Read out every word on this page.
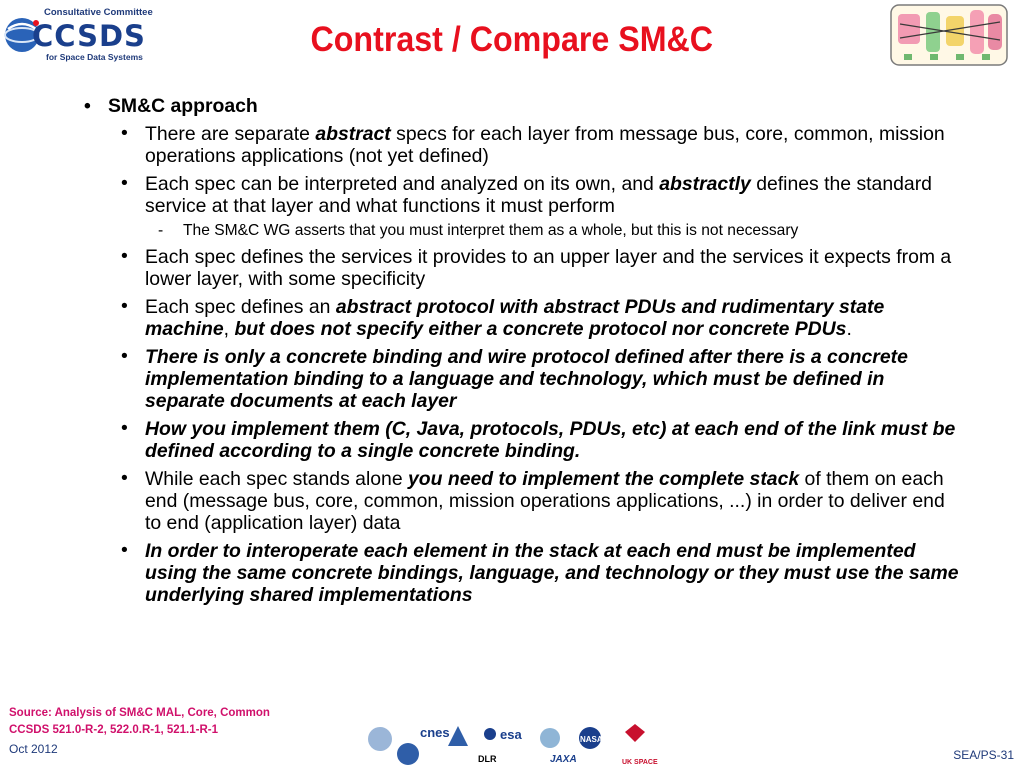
Consultative Committee
CCSDS
for Space Data Systems	Contrast / Compare SM&C
• SM&C approach
• There are separate abstract specs for each layer from message bus, core, common, mission operations applications (not yet defined)
• Each spec can be interpreted and analyzed on its own, and abstractly defines the standard service at that layer and what functions it must perform
- The SM&C WG asserts that you must interpret them as a whole, but this is not necessary
• Each spec defines the services it provides to an upper layer and the services it expects from a lower layer, with some specificity
• Each spec defines an abstract protocol with abstract PDUs and rudimentary state machine, but does not specify either a concrete protocol nor concrete PDUs.
• There is only a concrete binding and wire protocol defined after there is a concrete implementation binding to a language and technology, which must be defined in separate documents at each layer
• How you implement them (C, Java, protocols, PDUs, etc) at each end of the link must be defined according to a single concrete binding.
• While each spec stands alone you need to implement the complete stack of them on each end (message bus, core, common, mission operations applications, ...) in order to deliver end to end (application layer) data
• In order to interoperate each element in the stack at each end must be implemented using the same concrete bindings, language, and technology or they must use the same underlying shared implementations
Source: Analysis of SM&C MAL, Core, Common
CCSDS 521.0-R-2, 522.0.R-1, 521.1-R-1
Oct 2012	SEA/PS-31
cnes	esa
DLR	JAXA
NASA
UK SPACE
